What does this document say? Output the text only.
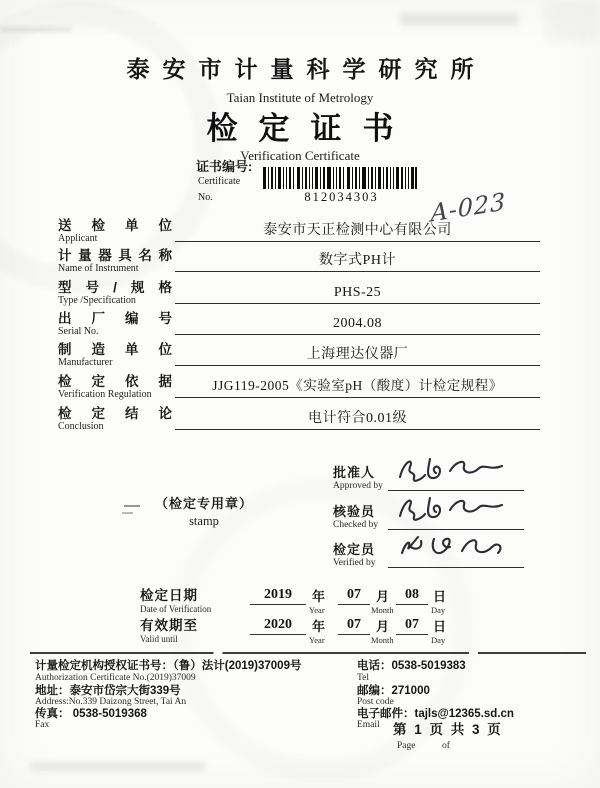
泰安市计量科学研究所
Taian Institute of Metrology
检定证书
Verification Certificate
证书编号:
Certificate
No.	812034303	A-023
送检单位
Applicant
泰安市天正检测中心有限公司
计量器具名称
Name of Instrument
数字式PH计
型号/规格
Type /Specification
PHS-25
出厂编号
Serial No.
2004.08
制造单位
Manufacturer
上海理达仪器厂
检定依据
Verification Regulation
JJG119-2005《实验室pH（酸度）计检定规程》
检定结论
Conclusion
电计符合0.01级
（检定专用章）
stamp
批准人
Approved by
核验员
Checked by
检定员
Verified by
检定日期
Date of Verification
2019	年
Year
07	月
Month
08	日
Day
有效期至
Valid until
2020	年
Year
07	月
Month
07	日
Day
计量检定机构授权证书号：（鲁）法计(2019)37009号
Authorization Certificate No.(2019)37009
地址：泰安市岱宗大街339号
Address:No.339 Daizong Street, Tai An
传真： 0538-5019368
Fax
电话：0538-5019383
Tel
邮编：271000
Post code
电子邮件：tajls@12365.sd.cn
Email 第 1 页 共 3 页
Page	of
